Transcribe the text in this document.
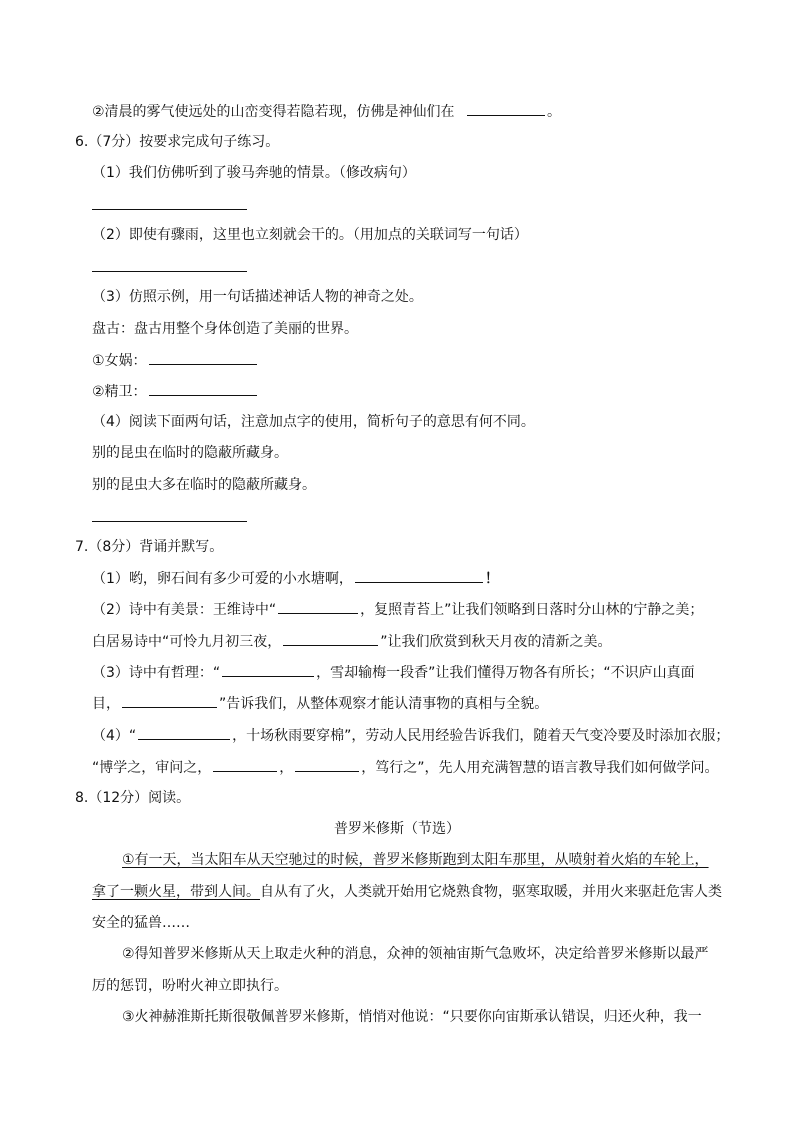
②清晨的雾气使远处的山峦变得若隐若现，仿佛是神仙们在	。

6.（7分）按要求完成句子练习。

（1）我们仿佛听到了骏马奔驰的情景。（修改病句）

（2）即使有骤雨，这里也立刻就会干的。（用加点的关联词写一句话）

（3）仿照示例，用一句话描述神话人物的神奇之处。

盘古：盘古用整个身体创造了美丽的世界。

①女娲：

②精卫：

（4）阅读下面两句话，注意加点字的使用，简析句子的意思有何不同。

别的昆虫在临时的隐蔽所藏身。

别的昆虫大多在临时的隐蔽所藏身。

7.（8分）背诵并默写。

（1）哟，卵石间有多少可爱的小水塘啊，	！

（2）诗中有美景：王维诗中“	，复照青苔上”让我们领略到日落时分山林的宁静之美；

白居易诗中“可怜九月初三夜，	”让我们欣赏到秋天月夜的清新之美。

（3）诗中有哲理：“	，雪却输梅一段香”让我们懂得万物各有所长；“不识庐山真面

目，	”告诉我们，从整体观察才能认清事物的真相与全貌。

（4）“	，十场秋雨要穿棉”，劳动人民用经验告诉我们，随着天气变冷要及时添加衣服；

“博学之，审问之，	，	，笃行之”，先人用充满智慧的语言教导我们如何做学问。

8.（12分）阅读。

普罗米修斯（节选）

①有一天，当太阳车从天空驰过的时候，普罗米修斯跑到太阳车那里，从喷射着火焰的车轮上，

拿了一颗火星，带到人间。自从有了火，人类就开始用它烧熟食物，驱寒取暖，并用火来驱赶危害人类

安全的猛兽……

②得知普罗米修斯从天上取走火种的消息，众神的领袖宙斯气急败坏，决定给普罗米修斯以最严

厉的惩罚，吩咐火神立即执行。

③火神赫淮斯托斯很敬佩普罗米修斯，悄悄对他说：“只要你向宙斯承认错误，归还火种，我一
